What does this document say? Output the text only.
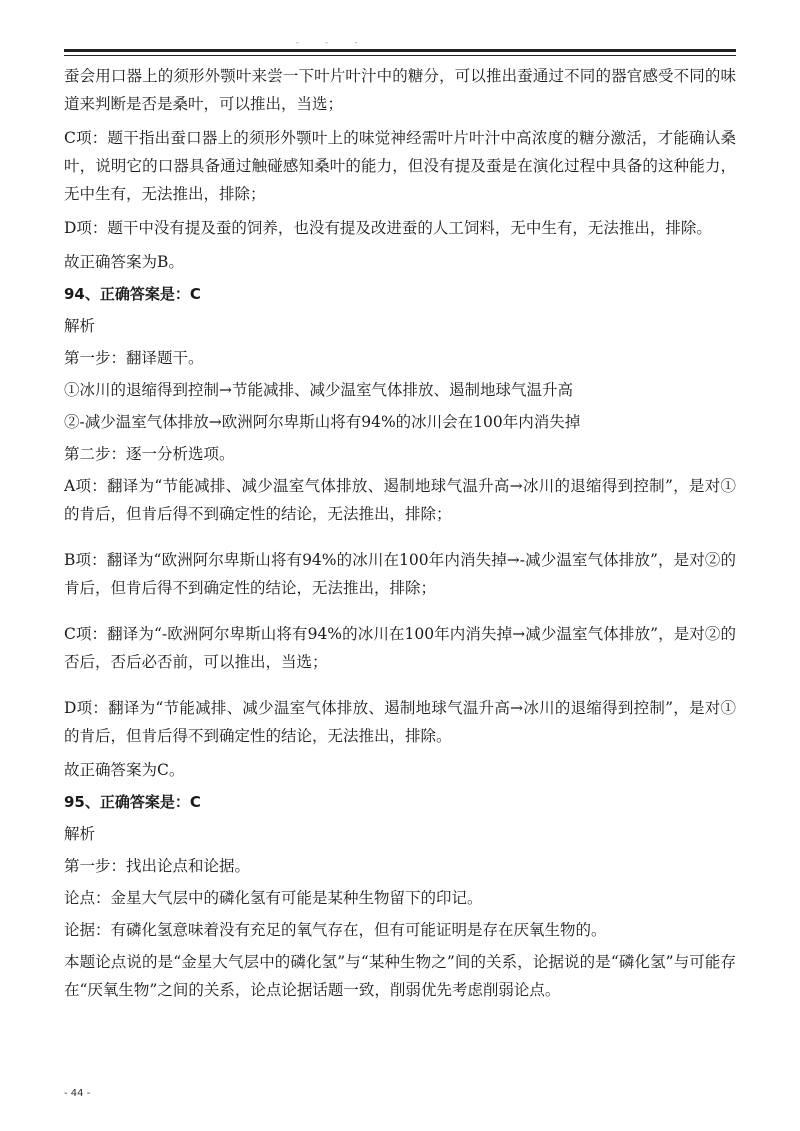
- - -

蚕会用口器上的须形外颚叶来尝一下叶片叶汁中的糖分，可以推出蚕通过不同的器官感受不同的味道来判断是否是桑叶，可以推出，当选；

C项：题干指出蚕口器上的须形外颚叶上的味觉神经需叶片叶汁中高浓度的糖分激活，才能确认桑叶，说明它的口器具备通过触碰感知桑叶的能力，但没有提及蚕是在演化过程中具备的这种能力，无中生有，无法推出，排除；

D项：题干中没有提及蚕的饲养，也没有提及改进蚕的人工饲料，无中生有，无法推出，排除。

故正确答案为B。

94、正确答案是：C

解析

第一步：翻译题干。

①冰川的退缩得到控制→节能减排、减少温室气体排放、遏制地球气温升高

②-减少温室气体排放→欧洲阿尔卑斯山将有94%的冰川会在100年内消失掉

第二步：逐一分析选项。

A项：翻译为“节能减排、减少温室气体排放、遏制地球气温升高→冰川的退缩得到控制”，是对①的肯后，但肯后得不到确定性的结论，无法推出，排除；

B项：翻译为“欧洲阿尔卑斯山将有94%的冰川在100年内消失掉→-减少温室气体排放”，是对②的肯后，但肯后得不到确定性的结论，无法推出，排除；

C项：翻译为“-欧洲阿尔卑斯山将有94%的冰川在100年内消失掉→减少温室气体排放”，是对②的否后，否后必否前，可以推出，当选；

D项：翻译为“节能减排、减少温室气体排放、遏制地球气温升高→冰川的退缩得到控制”，是对①的肯后，但肯后得不到确定性的结论，无法推出，排除。

故正确答案为C。

95、正确答案是：C

解析

第一步：找出论点和论据。

论点：金星大气层中的磷化氢有可能是某种生物留下的印记。

论据：有磷化氢意味着没有充足的氧气存在，但有可能证明是存在厌氧生物的。

本题论点说的是“金星大气层中的磷化氢”与“某种生物之”间的关系，论据说的是“磷化氢”与可能存在“厌氧生物”之间的关系，论点论据话题一致，削弱优先考虑削弱论点。

- 44 -
